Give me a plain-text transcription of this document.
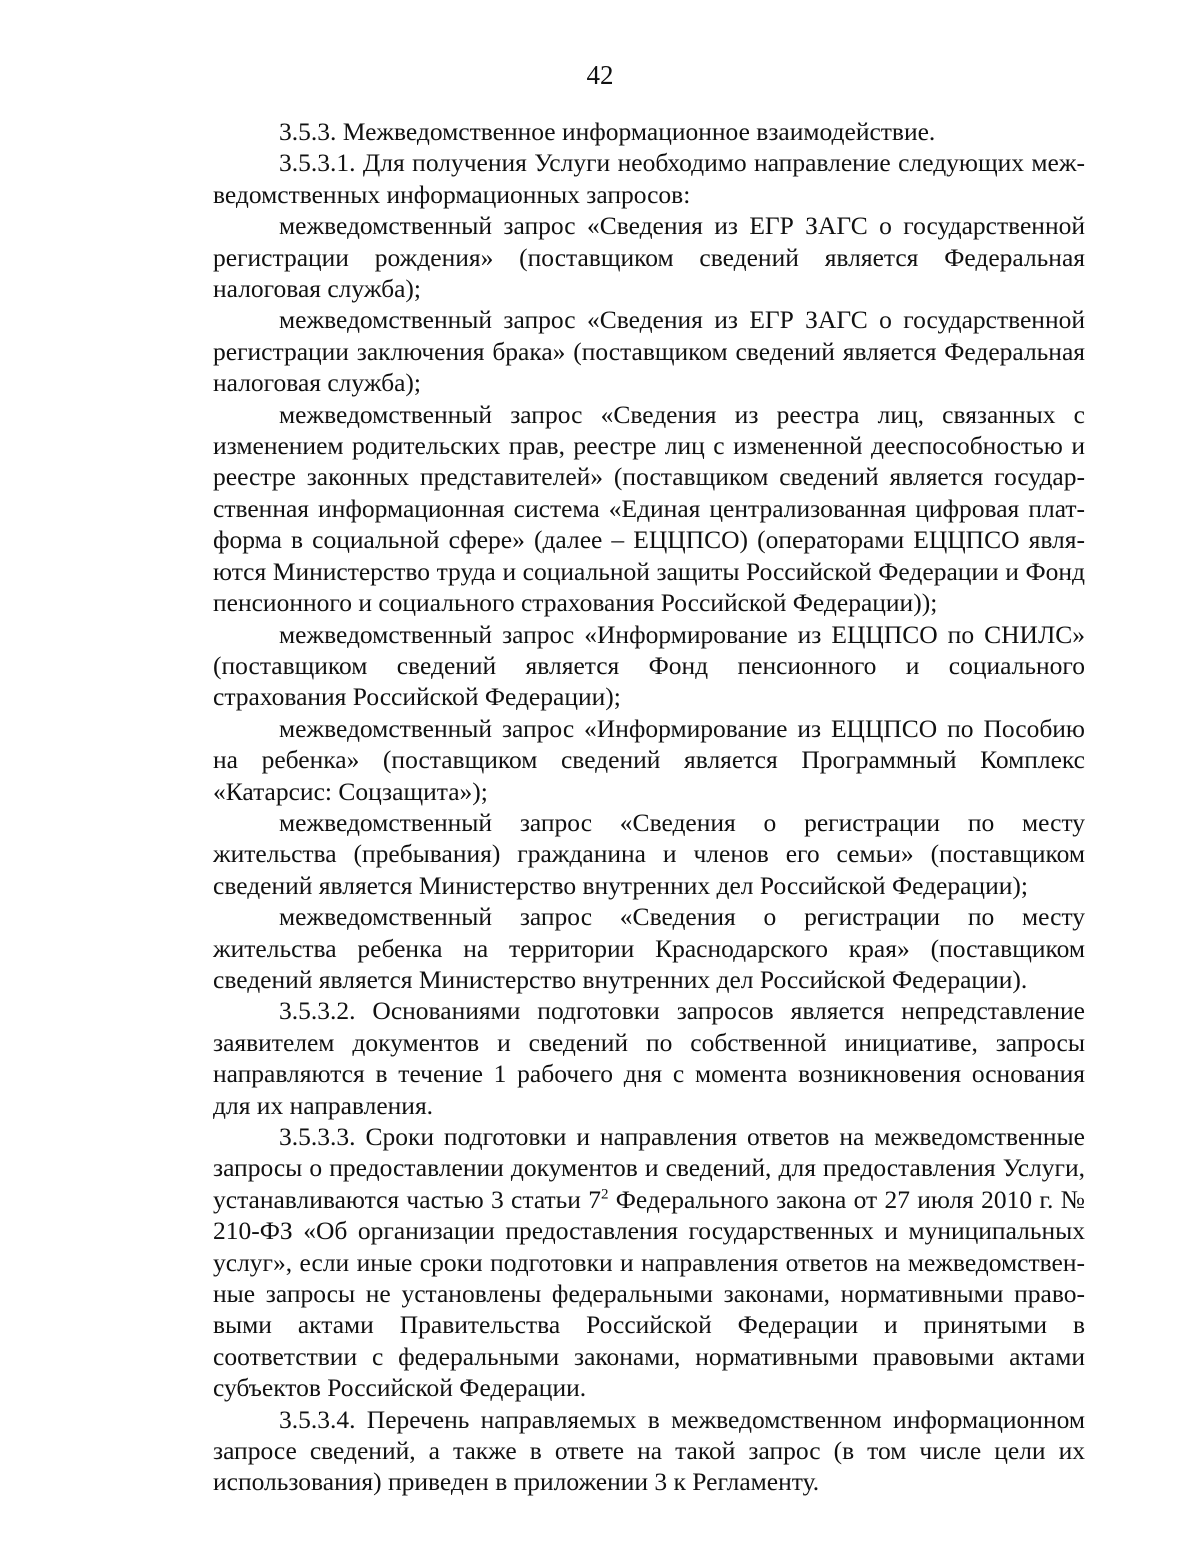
42

3.5.3. Межведомственное информационное взаимодействие.

3.5.3.1. Для получения Услуги необходимо направление следующих межведомственных информационных запросов:

межведомственный запрос «Сведения из ЕГР ЗАГС о государственной регистрации рождения» (поставщиком сведений является Федеральная налоговая служба);

межведомственный запрос «Сведения из ЕГР ЗАГС о государственной регистрации заключения брака» (поставщиком сведений является Федеральная налоговая служба);

межведомственный запрос «Сведения из реестра лиц, связанных с изменением родительских прав, реестре лиц с измененной дееспособностью и реестре законных представителей» (поставщиком сведений является государственная информационная система «Единая централизованная цифровая платформа в социальной сфере» (далее – ЕЦЦПСО) (операторами ЕЦЦПСО являются Министерство труда и социальной защиты Российской Федерации и Фонд пенсионного и социального страхования Российской Федерации));

межведомственный запрос «Информирование из ЕЦЦПСО по СНИЛС» (поставщиком сведений является Фонд пенсионного и социального страхования Российской Федерации);

межведомственный запрос «Информирование из ЕЦЦПСО по Пособию на ребенка» (поставщиком сведений является Программный Комплекс «Катарсис: Соцзащита»);

межведомственный запрос «Сведения о регистрации по месту жительства (пребывания) гражданина и членов его семьи» (поставщиком сведений является Министерство внутренних дел Российской Федерации);

межведомственный запрос «Сведения о регистрации по месту жительства ребенка на территории Краснодарского края» (поставщиком сведений является Министерство внутренних дел Российской Федерации).

3.5.3.2. Основаниями подготовки запросов является непредставление заявителем документов и сведений по собственной инициативе, запросы направляются в течение 1 рабочего дня с момента возникновения основания для их направления.

3.5.3.3. Сроки подготовки и направления ответов на межведомственные запросы о предоставлении документов и сведений, для предоставления Услуги, устанавливаются частью 3 статьи $7^2$ Федерального закона от 27 июля 2010 г. № 210-ФЗ «Об организации предоставления государственных и муниципальных услуг», если иные сроки подготовки и направления ответов на межведомственные запросы не установлены федеральными законами, нормативными правовыми актами Правительства Российской Федерации и принятыми в соответствии с федеральными законами, нормативными правовыми актами субъектов Российской Федерации.

3.5.3.4. Перечень направляемых в межведомственном информационном запросе сведений, а также в ответе на такой запрос (в том числе цели их использования) приведен в приложении 3 к Регламенту.
